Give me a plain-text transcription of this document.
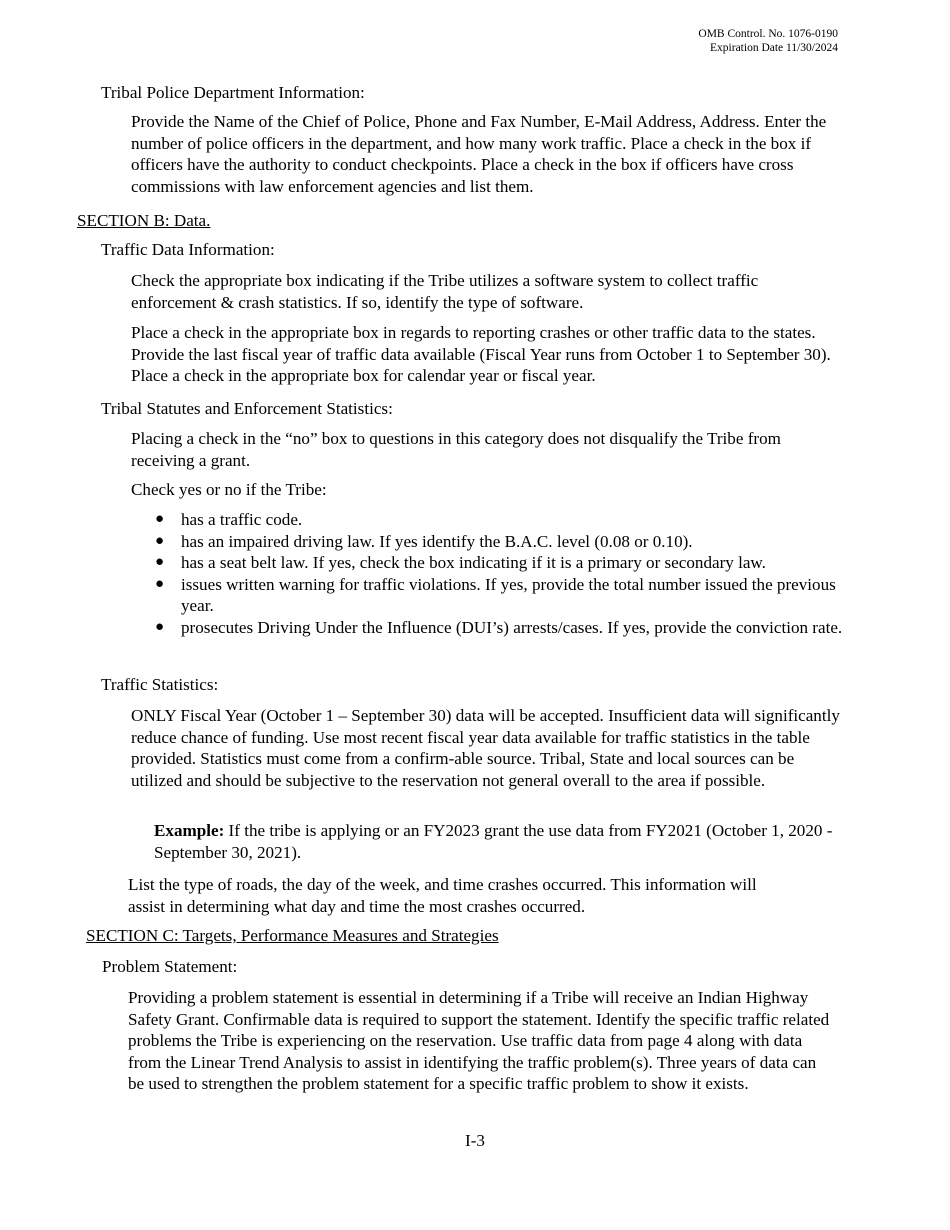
OMB Control. No. 1076-0190
Expiration Date 11/30/2024
Tribal Police Department Information:
Provide the Name of the Chief of Police, Phone and Fax Number, E-Mail Address, Address. Enter the number of police officers in the department, and how many work traffic. Place a check in the box if officers have the authority to conduct checkpoints. Place a check in the box if officers have cross commissions with law enforcement agencies and list them.
SECTION B: Data.
Traffic Data Information:
Check the appropriate box indicating if the Tribe utilizes a software system to collect traffic enforcement & crash statistics. If so, identify the type of software.
Place a check in the appropriate box in regards to reporting crashes or other traffic data to the states. Provide the last fiscal year of traffic data available (Fiscal Year runs from October 1 to September 30). Place a check in the appropriate box for calendar year or fiscal year.
Tribal Statutes and Enforcement Statistics:
Placing a check in the “no” box to questions in this category does not disqualify the Tribe from receiving a grant.
Check yes or no if the Tribe:
● has a traffic code.
● has an impaired driving law. If yes identify the B.A.C. level (0.08 or 0.10).
● has a seat belt law. If yes, check the box indicating if it is a primary or secondary law.
● issues written warning for traffic violations. If yes, provide the total number issued the previous year.
● prosecutes Driving Under the Influence (DUI’s) arrests/cases. If yes, provide the conviction rate.
Traffic Statistics:
ONLY Fiscal Year (October 1 – September 30) data will be accepted. Insufficient data will significantly reduce chance of funding. Use most recent fiscal year data available for traffic statistics in the table provided. Statistics must come from a confirm-able source. Tribal, State and local sources can be utilized and should be subjective to the reservation not general overall to the area if possible.
Example: If the tribe is applying or an FY2023 grant the use data from FY2021 (October 1, 2020 - September 30, 2021).
List the type of roads, the day of the week, and time crashes occurred. This information will assist in determining what day and time the most crashes occurred.
SECTION C: Targets, Performance Measures and Strategies
Problem Statement:
Providing a problem statement is essential in determining if a Tribe will receive an Indian Highway Safety Grant. Confirmable data is required to support the statement. Identify the specific traffic related problems the Tribe is experiencing on the reservation. Use traffic data from page 4 along with data from the Linear Trend Analysis to assist in identifying the traffic problem(s). Three years of data can be used to strengthen the problem statement for a specific traffic problem to show it exists.
I-3
